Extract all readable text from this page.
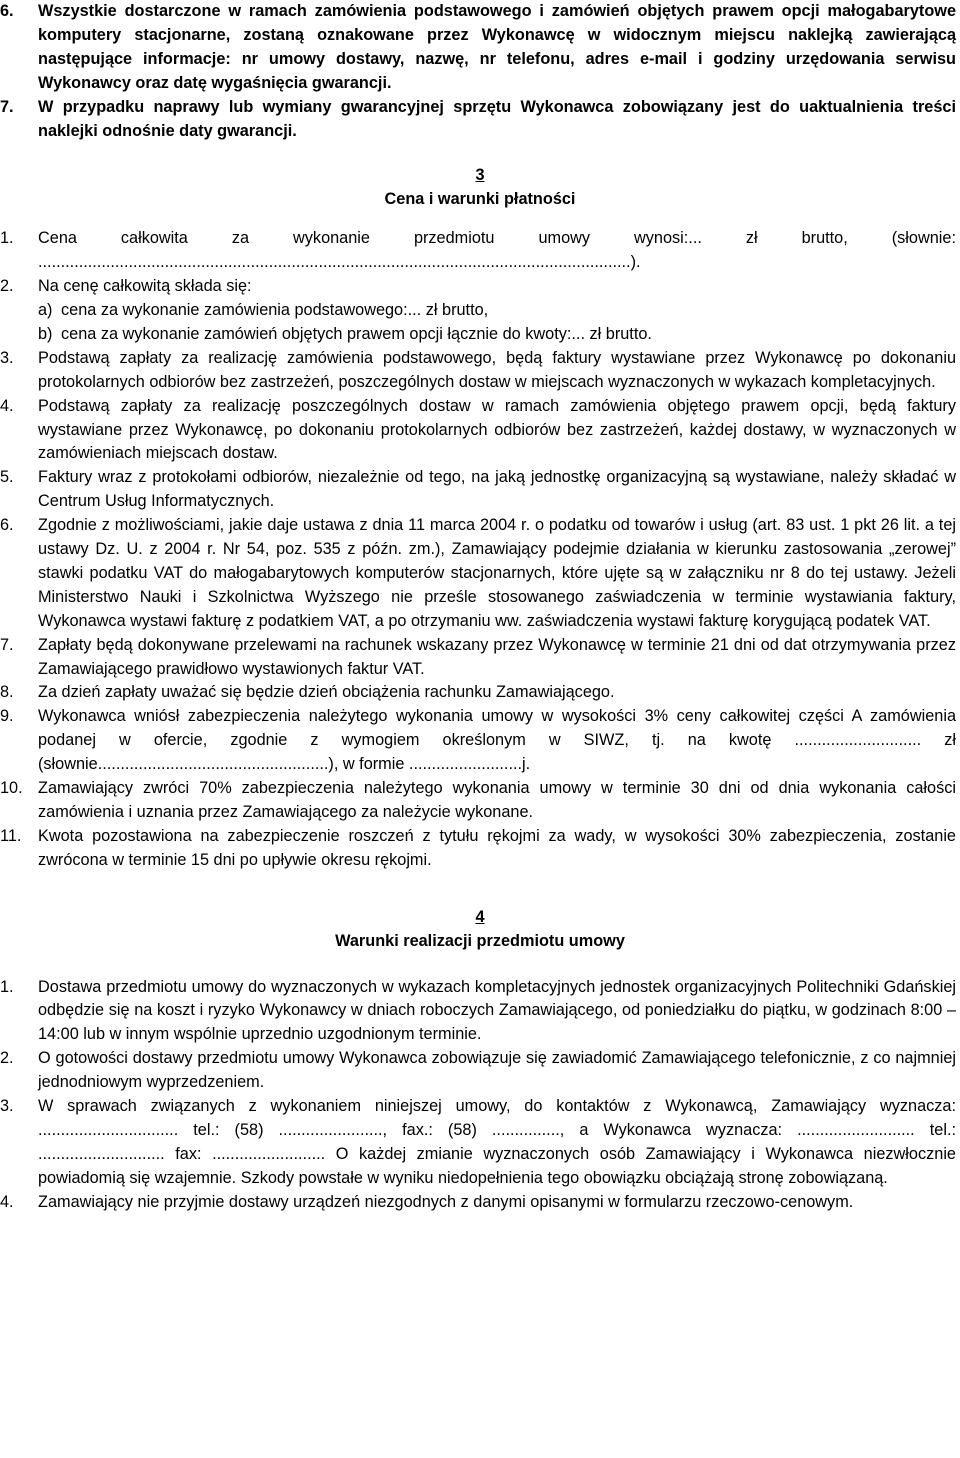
6. Wszystkie dostarczone w ramach zamówienia podstawowego i zamówień objętych prawem opcji małogabarytowe komputery stacjonarne, zostaną oznakowane przez Wykonawcę w widocznym miejscu naklejką zawierającą następujące informacje: nr umowy dostawy, nazwę, nr telefonu, adres e-mail i godziny urzędowania serwisu Wykonawcy oraz datę wygaśnięcia gwarancji.
7. W przypadku naprawy lub wymiany gwarancyjnej sprzętu Wykonawca zobowiązany jest do uaktualnienia treści naklejki odnośnie daty gwarancji.
3
Cena i warunki płatności
1. Cena całkowita za wykonanie przedmiotu umowy wynosi:... zł brutto, (słownie: ...................................................................................................................................).
2. Na cenę całkowitą składa się:
a) cena za wykonanie zamówienia podstawowego:... zł brutto,
b) cena za wykonanie zamówień objętych prawem opcji łącznie do kwoty:... zł brutto.
3. Podstawą zapłaty za realizację zamówienia podstawowego, będą faktury wystawiane przez Wykonawcę po dokonaniu protokolarnych odbiorów bez zastrzeżeń, poszczególnych dostaw w miejscach wyznaczonych w wykazach kompletacyjnych.
4. Podstawą zapłaty za realizację poszczególnych dostaw w ramach zamówienia objętego prawem opcji, będą faktury wystawiane przez Wykonawcę, po dokonaniu protokolarnych odbiorów bez zastrzeżeń, każdej dostawy, w wyznaczonych w zamówieniach miejscach dostaw.
5. Faktury wraz z protokołami odbiorów, niezależnie od tego, na jaką jednostkę organizacyjną są wystawiane, należy składać w Centrum Usług Informatycznych.
6. Zgodnie z możliwościami, jakie daje ustawa z dnia 11 marca 2004 r. o podatku od towarów i usług (art. 83 ust. 1 pkt 26 lit. a tej ustawy Dz. U. z 2004 r. Nr 54, poz. 535 z późn. zm.), Zamawiający podejmie działania w kierunku zastosowania „zerowej” stawki podatku VAT do małogabarytowych komputerów stacjonarnych, które ujęte są w załączniku nr 8 do tej ustawy. Jeżeli Ministerstwo Nauki i Szkolnictwa Wyższego nie prześle stosowanego zaświadczenia w terminie wystawiania faktury, Wykonawca wystawi fakturę z podatkiem VAT, a po otrzymaniu ww. zaświadczenia wystawi fakturę korygującą podatek VAT.
7. Zapłaty będą dokonywane przelewami na rachunek wskazany przez Wykonawcę w terminie 21 dni od dat otrzymywania przez Zamawiającego prawidłowo wystawionych faktur VAT.
8. Za dzień zapłaty uważać się będzie dzień obciążenia rachunku Zamawiającego.
9. Wykonawca wniósł zabezpieczenia należytego wykonania umowy w wysokości 3% ceny całkowitej części A zamówienia podanej w ofercie, zgodnie z wymogiem określonym w SIWZ, tj. na kwotę ............................ zł (słownie...................................................), w formie .........................j.
10. Zamawiający zwróci 70% zabezpieczenia należytego wykonania umowy w terminie 30 dni od dnia wykonania całości zamówienia i uznania przez Zamawiającego za należycie wykonane.
11. Kwota pozostawiona na zabezpieczenie roszczeń z tytułu rękojmi za wady, w wysokości 30% zabezpieczenia, zostanie zwrócona w terminie 15 dni po upływie okresu rękojmi.
4
Warunki realizacji przedmiotu umowy
1. Dostawa przedmiotu umowy do wyznaczonych w wykazach kompletacyjnych jednostek organizacyjnych Politechniki Gdańskiej odbędzie się na koszt i ryzyko Wykonawcy w dniach roboczych Zamawiającego, od poniedziałku do piątku, w godzinach 8:00 – 14:00 lub w innym wspólnie uprzednio uzgodnionym terminie.
2. O gotowości dostawy przedmiotu umowy Wykonawca zobowiązuje się zawiadomić Zamawiającego telefonicznie, z co najmniej jednodniowym wyprzedzeniem.
3. W sprawach związanych z wykonaniem niniejszej umowy, do kontaktów z Wykonawcą, Zamawiający wyznacza: ............................... tel.: (58) ......................., fax.: (58) ..............., a Wykonawca wyznacza: .......................... tel.: ............................ fax: ......................... O każdej zmianie wyznaczonych osób Zamawiający i Wykonawca niezwłocznie powiadomią się wzajemnie. Szkody powstałe w wyniku niedopełnienia tego obowiązku obciążają stronę zobowiązaną.
4. Zamawiający nie przyjmie dostawy urządzeń niezgodnych z danymi opisanymi w formularzu rzeczowo-cenowym.
